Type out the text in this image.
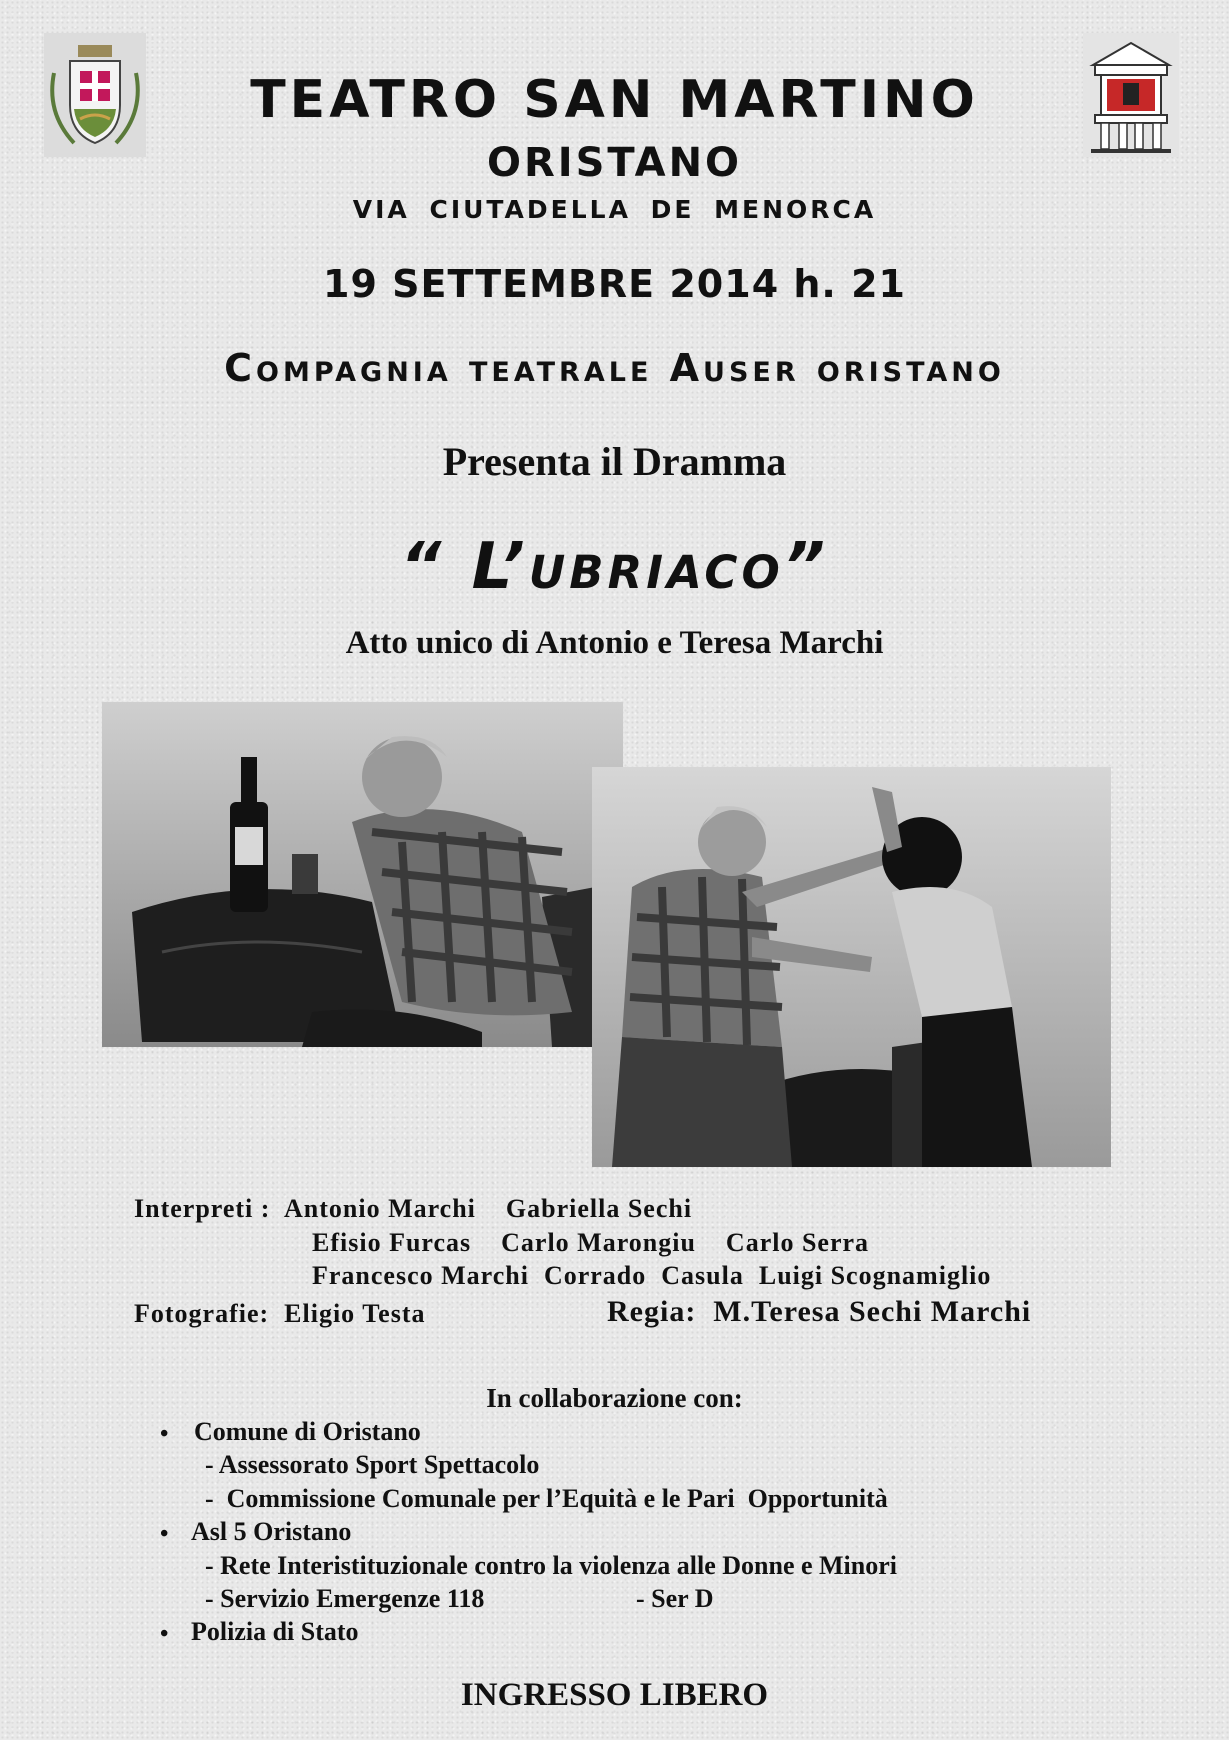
TEATRO SAN MARTINO
ORISTANO
VIA CIUTADELLA DE MENORCA
19 SETTEMBRE 2014 h. 21
Compagnia teatrale Auser oristano
Presenta il Dramma
“ L’ubriaco”
Atto unico di Antonio e Teresa Marchi
Interpreti :  Antonio Marchi    Gabriella Sechi
Efisio Furcas    Carlo Marongiu    Carlo Serra
Francesco Marchi  Corrado  Casula  Luigi Scognamiglio
Fotografie:  Eligio Testa	Regia:  M.Teresa Sechi Marchi
In collaborazione con:
• Comune di Oristano
- Assessorato Sport Spettacolo
-  Commissione Comunale per l’Equità e le Pari  Opportunità
• Asl 5 Oristano
- Rete Interistituzionale contro la violenza alle Donne e Minori
- Servizio Emergenze 118	- Ser D
• Polizia di Stato
INGRESSO LIBERO
